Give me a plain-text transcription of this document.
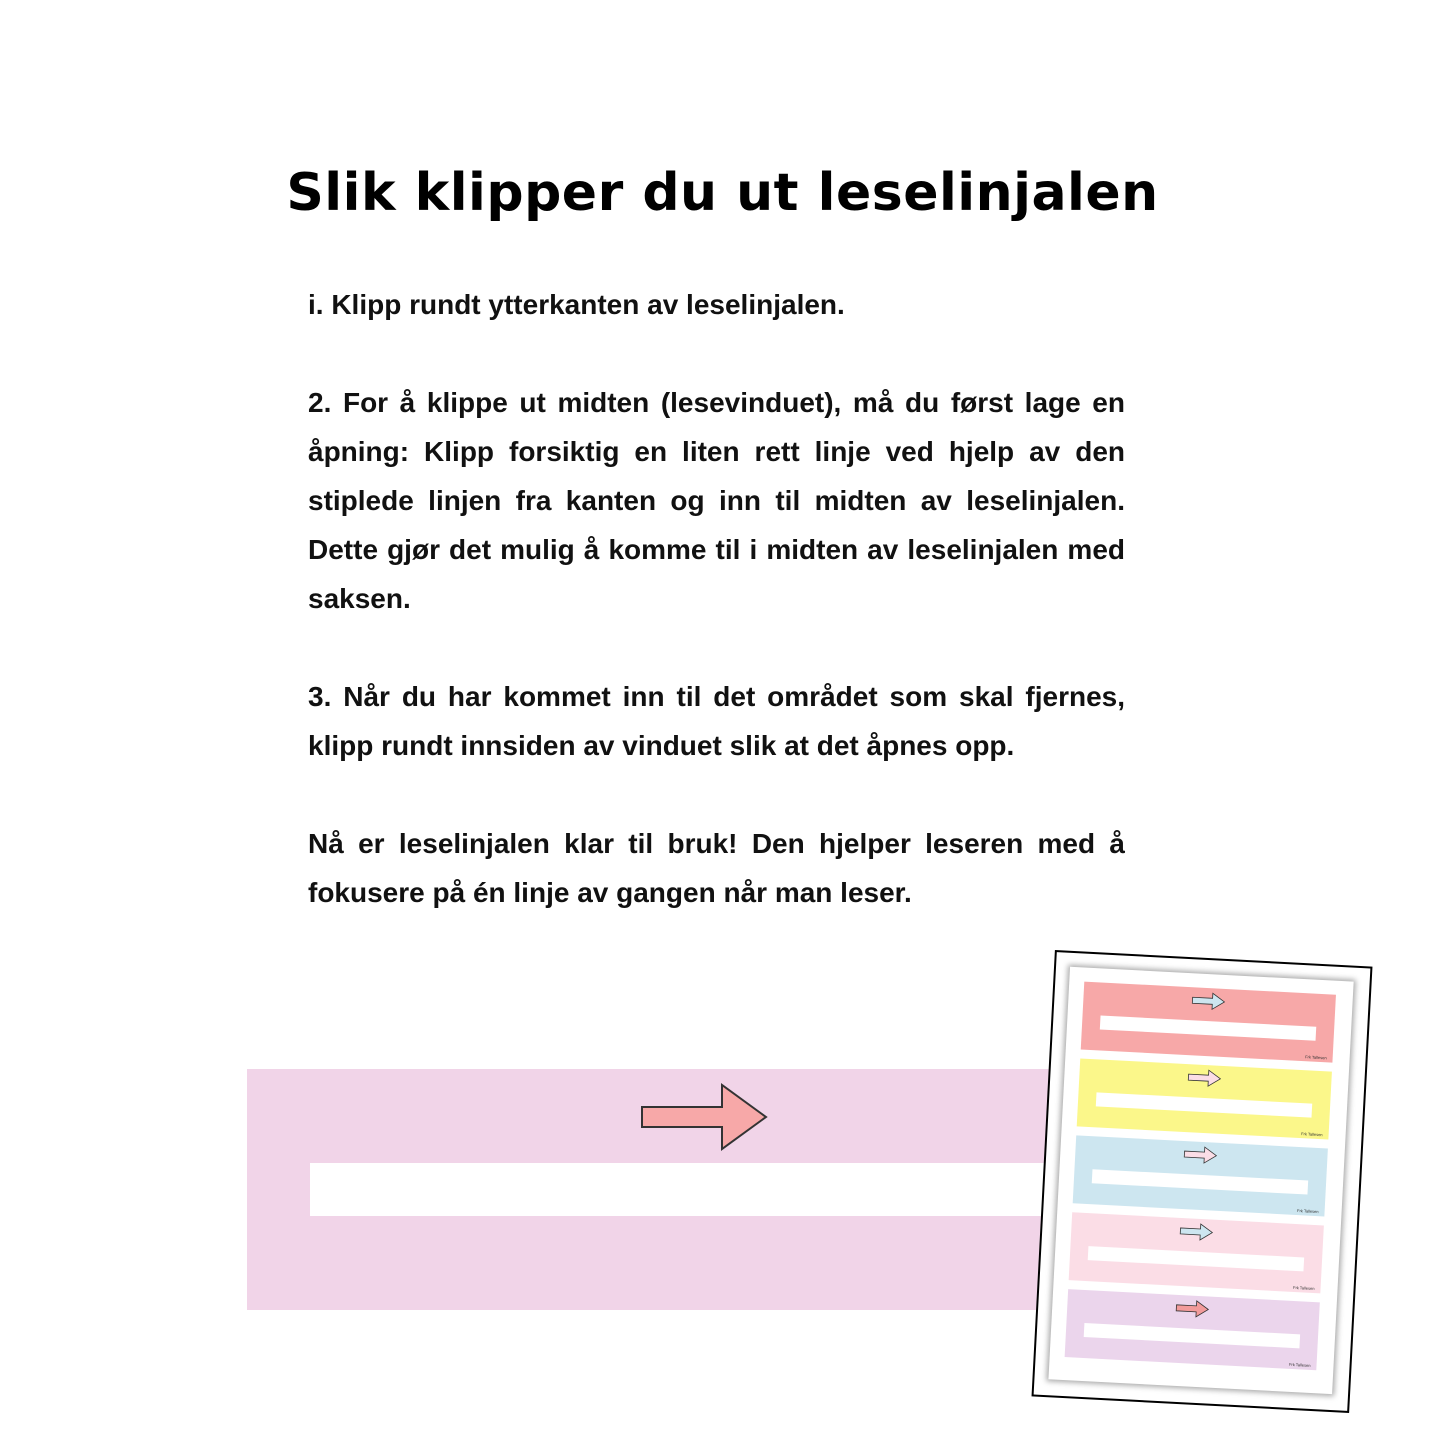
Slik klipper du ut leselinjalen

i. Klipp rundt ytterkanten av leselinjalen.

2. For å klippe ut midten (lesevinduet), må du først lage en åpning: Klipp forsiktig en liten rett linje ved hjelp av den stiplede linjen fra kanten og inn til midten av leselinjalen. Dette gjør det mulig å komme til i midten av leselinjalen med saksen.

3. Når du har kommet inn til det området som skal fjernes, klipp rundt innsiden av vinduet slik at det åpnes opp.

Nå er leselinjalen klar til bruk! Den hjelper leseren med å fokusere på én linje av gangen når man leser.

Frk Tallesen
Frk Tallesen
Frk Tallesen
Frk Tallesen
Frk Tallesen
